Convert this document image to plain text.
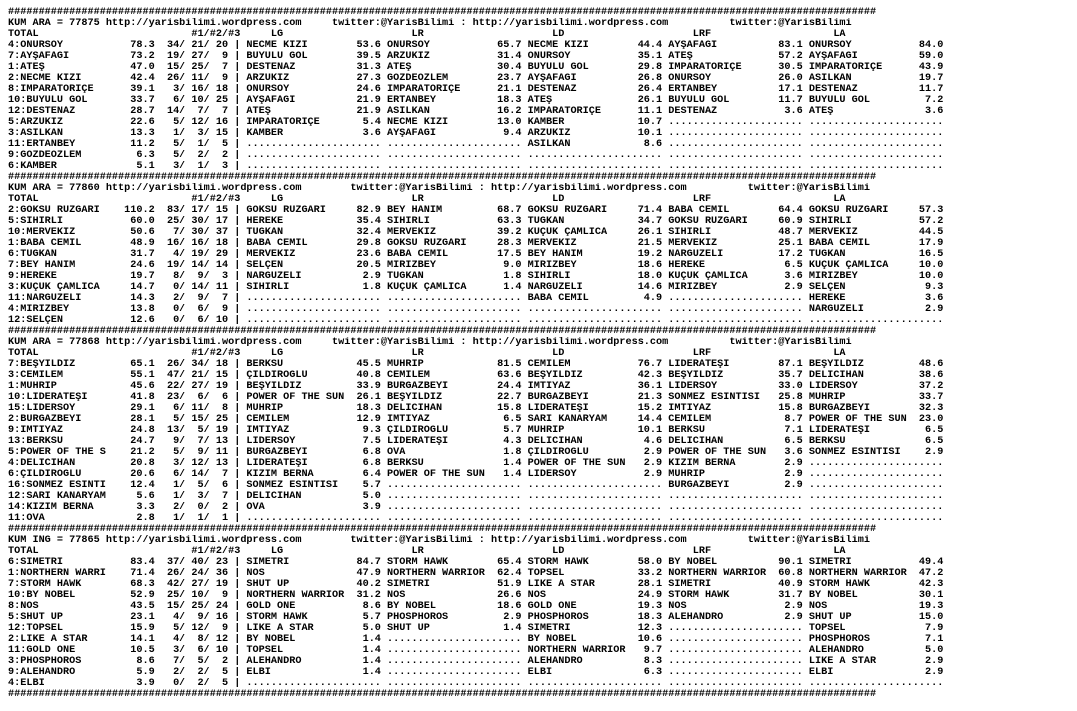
##############################################################################################################################################
KUM ARA = 77875 http://yarisbilimi.wordpress.com     twitter:@YarisBilimi : http://yarisbilimi.wordpress.com          twitter:@YarisBilimi
TOTAL                         #1/#2/#3     LG                     LR                     LD                     LRF                    LA
4:ONURSOY           78.3  34/ 21/ 20 | NECME KIZI        53.6 ONURSOY           65.7 NECME KIZI        44.4 AYŞAFAĞI          83.1 ONURSOY           84.0
7:AYŞAFAĞI          73.2  19/ 27/  9 | BÜYÜLÜ GÖL        39.5 ARZUKIZ           31.4 ONURSOY           35.1 ATEŞ              57.2 AYŞAFAĞI          59.0
1:ATEŞ              47.0  15/ 25/  7 | DESTENAZ          31.3 ATEŞ              30.4 BÜYÜLÜ GÖL        29.8 İMPARATORİÇE      30.5 İMPARATORİÇE      43.9
2:NECME KIZI        42.4  26/ 11/  9 | ARZUKIZ           27.3 GÖZDEÖZLEM        23.7 AYŞAFAĞI          26.8 ONURSOY           26.0 ASİLKAN           19.7
8:İMPARATORİÇE      39.1   3/ 16/ 18 | ONURSOY           24.6 İMPARATORİÇE      21.1 DESTENAZ          26.4 ERTANBEY          17.1 DESTENAZ          11.7
10:BÜYÜLÜ GÖL       33.7   6/ 10/ 25 | AYŞAFAĞI          21.9 ERTANBEY          18.3 ATEŞ              26.1 BÜYÜLÜ GÖL        11.7 BÜYÜLÜ GÖL         7.2
12:DESTENAZ         28.7  14/  7/  7 | ATEŞ              21.9 ASİLKAN           16.2 İMPARATORİÇE      11.1 DESTENAZ           3.6 ATEŞ               3.6
5:ARZUKIZ           22.6   5/ 12/ 16 | İMPARATORİÇE       5.4 NECME KIZI        13.0 KAMBER            10.7 ...................... ......................
3:ASİLKAN           13.3   1/  3/ 15 | KAMBER             3.6 AYŞAFAĞI           9.4 ARZUKIZ           10.1 ...................... ......................
11:ERTANBEY         11.2   5/  1/  5 | ...................... ...................... ASİLKAN            8.6 ...................... ......................
9:GÖZDEÖZLEM         6.3   5/  2/  2 | ...................... ...................... ...................... ...................... ......................
6:KAMBER             5.1   3/  1/  3 | ...................... ...................... ...................... ...................... ......................
##############################################################################################################################################
KUM ARA = 77860 http://yarisbilimi.wordpress.com        twitter:@YarisBilimi : http://yarisbilimi.wordpress.com          twitter:@YarisBilimi
TOTAL                         #1/#2/#3     LG                     LR                     LD                     LRF                    LA
2:GÖKSU RÜZGARI    110.2  83/ 17/ 15 | GÖKSU RÜZGARI     82.9 BEY HANIM         68.7 GÖKSU RÜZGARI     71.4 BABA CEMİL        64.4 GÖKSU RÜZGARI     57.3
5:SİHİRLİ           60.0  25/ 30/ 17 | HEREKE            35.4 SİHİRLİ           63.3 TUĞKAN            34.7 GÖKSU RÜZGARI     60.9 SİHİRLİ           57.2
10:MERVEKIZ         50.6   7/ 30/ 37 | TUĞKAN            32.4 MERVEKIZ          39.2 KÜÇÜK ÇAMLICA     26.1 SİHİRLİ           48.7 MERVEKIZ          44.5
1:BABA CEMİL        48.9  16/ 16/ 18 | BABA CEMİL        29.8 GÖKSU RÜZGARI     28.3 MERVEKIZ          21.5 MERVEKIZ          25.1 BABA CEMİL        17.9
6:TUĞKAN            31.7   4/ 19/ 29 | MERVEKIZ          23.6 BABA CEMİL        17.5 BEY HANIM         19.2 NARGÜZELİ         17.2 TUĞKAN            16.5
7:BEY HANIM         24.6  19/ 14/ 14 | SELÇEN            20.5 MIRIZBEY           9.0 MIRIZBEY          18.6 HEREKE             6.5 KÜÇÜK ÇAMLICA     10.0
9:HEREKE            19.7   8/  9/  3 | NARGÜZELİ          2.9 TUĞKAN             1.8 SİHİRLİ           18.0 KÜÇÜK ÇAMLICA      3.6 MIRIZBEY          10.0
3:KÜÇÜK ÇAMLICA     14.7   0/ 14/ 11 | SİHİRLİ            1.8 KÜÇÜK ÇAMLICA      1.4 NARGÜZELİ         14.6 MIRIZBEY           2.9 SELÇEN             9.3
11:NARGÜZELİ        14.3   2/  9/  7 | ...................... ...................... BABA CEMİL         4.9 ...................... HEREKE             3.6
4:MIRIZBEY          13.8   0/  6/  9 | ...................... ...................... ...................... ...................... NARGÜZELİ          2.9
12:SELÇEN           12.6   0/  6/ 10 | ...................... ...................... ...................... ...................... ......................
##############################################################################################################################################
KUM ARA = 77868 http://yarisbilimi.wordpress.com     twitter:@YarisBilimi : http://yarisbilimi.wordpress.com          twitter:@YarisBilimi
TOTAL                         #1/#2/#3     LG                     LR                     LD                     LRF                    LA
7:BEŞYILDIZ         65.1  26/ 34/ 18 | BERKSU            45.5 MUHRİP            81.5 CEMİLEM           76.7 LİDERATEŞİ        87.1 BEŞYILDIZ         48.6
3:CEMİLEM           55.1  47/ 21/ 15 | ÇILDIROĞLU        40.8 CEMİLEM           63.6 BEŞYILDIZ         42.3 BEŞYILDIZ         35.7 DELİCİHAN         38.6
1:MUHRİP            45.6  22/ 27/ 19 | BEŞYILDIZ         33.9 BURGAZBEYİ        24.4 İMTİYAZ           36.1 LİDERSOY          33.0 LİDERSOY          37.2
10:LİDERATEŞİ       41.8  23/  6/  6 | POWER OF THE SUN  26.1 BEŞYILDIZ         22.7 BURGAZBEYİ        21.3 SÖNMEZ ESİNTİSİ   25.8 MUHRİP            33.7
15:LİDERSOY         29.1   6/ 11/  8 | MUHRİP            18.3 DELİCİHAN         15.8 LİDERATEŞİ        15.2 İMTİYAZ           15.8 BURGAZBEYİ        32.3
2:BURGAZBEYİ        28.1   5/ 15/ 25 | CEMİLEM           12.9 İMTİYAZ            6.5 SARI KANARYAM     14.4 CEMİLEM            8.7 POWER OF THE SUN  23.0
9:İMTİYAZ           24.8  13/  5/ 19 | İMTİYAZ            9.3 ÇILDIROĞLU         5.7 MUHRİP            10.1 BERKSU             7.1 LİDERATEŞİ         6.5
13:BERKSU           24.7   9/  7/ 13 | LİDERSOY           7.5 LİDERATEŞİ         4.3 DELİCİHAN          4.6 DELİCİHAN          6.5 BERKSU             6.5
5:POWER OF THE S    21.2   5/  9/ 11 | BURGAZBEYİ         6.8 OVA                1.8 ÇILDIROĞLU         2.9 POWER OF THE SUN   3.6 SÖNMEZ ESİNTİSİ    2.9
4:DELİCİHAN         20.8   3/ 12/ 13 | LİDERATEŞİ         6.8 BERKSU             1.4 POWER OF THE SUN   2.9 KIZIM BERNA        2.9 ......................
6:ÇILDIROĞLU        20.6   6/ 14/  7 | KIZIM BERNA        6.4 POWER OF THE SUN   1.4 LİDERSOY           2.9 MUHRİP             2.9 ......................
16:SÖNMEZ ESİNTİ    12.4   1/  5/  6 | SÖNMEZ ESİNTİSİ    5.7 ...................... ...................... BURGAZBEYİ         2.9 ......................
12:SARI KANARYAM     5.6   1/  3/  7 | DELİCİHAN          5.0 ...................... ...................... ...................... ......................
14:KIZIM BERNA       3.3   2/  0/  2 | OVA                3.9 ...................... ...................... ...................... ......................
11:OVA               2.8   1/  1/  1 | ...................... ...................... ...................... ...................... ......................
##############################################################################################################################################
KUM ING = 77865 http://yarisbilimi.wordpress.com        twitter:@YarisBilimi : http://yarisbilimi.wordpress.com          twitter:@YarisBilimi
TOTAL                         #1/#2/#3     LG                     LR                     LD                     LRF                    LA
6:SİMETRİ           83.4  37/ 40/ 23 | SİMETRİ           84.7 STORM HAWK        65.4 STORM HAWK        58.0 BY NOBEL          90.1 SİMETRİ           49.4
1:NORTHERN WARRI    71.4  26/ 24/ 36 | NOS               47.9 NORTHERN WARRIOR  62.4 TOPSEL            33.2 NORTHERN WARRIOR  60.8 NORTHERN WARRIOR  47.2
7:STORM HAWK        68.3  42/ 27/ 19 | SHUT UP           40.2 SİMETRİ           51.9 LIKE A STAR       28.1 SİMETRİ           40.9 STORM HAWK        42.3
10:BY NOBEL         52.9  25/ 10/  9 | NORTHERN WARRIOR  31.2 NOS               26.6 NOS               24.9 STORM HAWK        31.7 BY NOBEL          30.1
8:NOS               43.5  15/ 25/ 24 | GOLD ONE           8.6 BY NOBEL          18.6 GOLD ONE          19.3 NOS                2.9 NOS               19.3
5:SHUT UP           23.1   4/  9/ 16 | STORM HAWK         5.7 PHOSPHOROS         2.9 PHOSPHOROS        18.3 ALEHANDRO          2.9 SHUT UP           15.0
12:TOPSEL           15.9   5/ 12/  9 | LIKE A STAR        5.0 SHUT UP            1.4 SİMETRİ           12.3 ...................... TOPSEL             7.9
2:LIKE A STAR       14.1   4/  8/ 12 | BY NOBEL           1.4 ...................... BY NOBEL          10.6 ...................... PHOSPHOROS         7.1
11:GOLD ONE         10.5   3/  6/ 10 | TOPSEL             1.4 ...................... NORTHERN WARRIOR   9.7 ...................... ALEHANDRO          5.0
3:PHOSPHOROS         8.6   7/  5/  2 | ALEHANDRO          1.4 ...................... ALEHANDRO          8.3 ...................... LIKE A STAR        2.9
9:ALEHANDRO          5.9   2/  2/  5 | ELBİ               1.4 ...................... ELBİ               6.3 ...................... ELBİ               2.9
4:ELBİ               3.9   0/  2/  5 | ...................... ...................... ...................... ...................... ......................
##############################################################################################################################################
